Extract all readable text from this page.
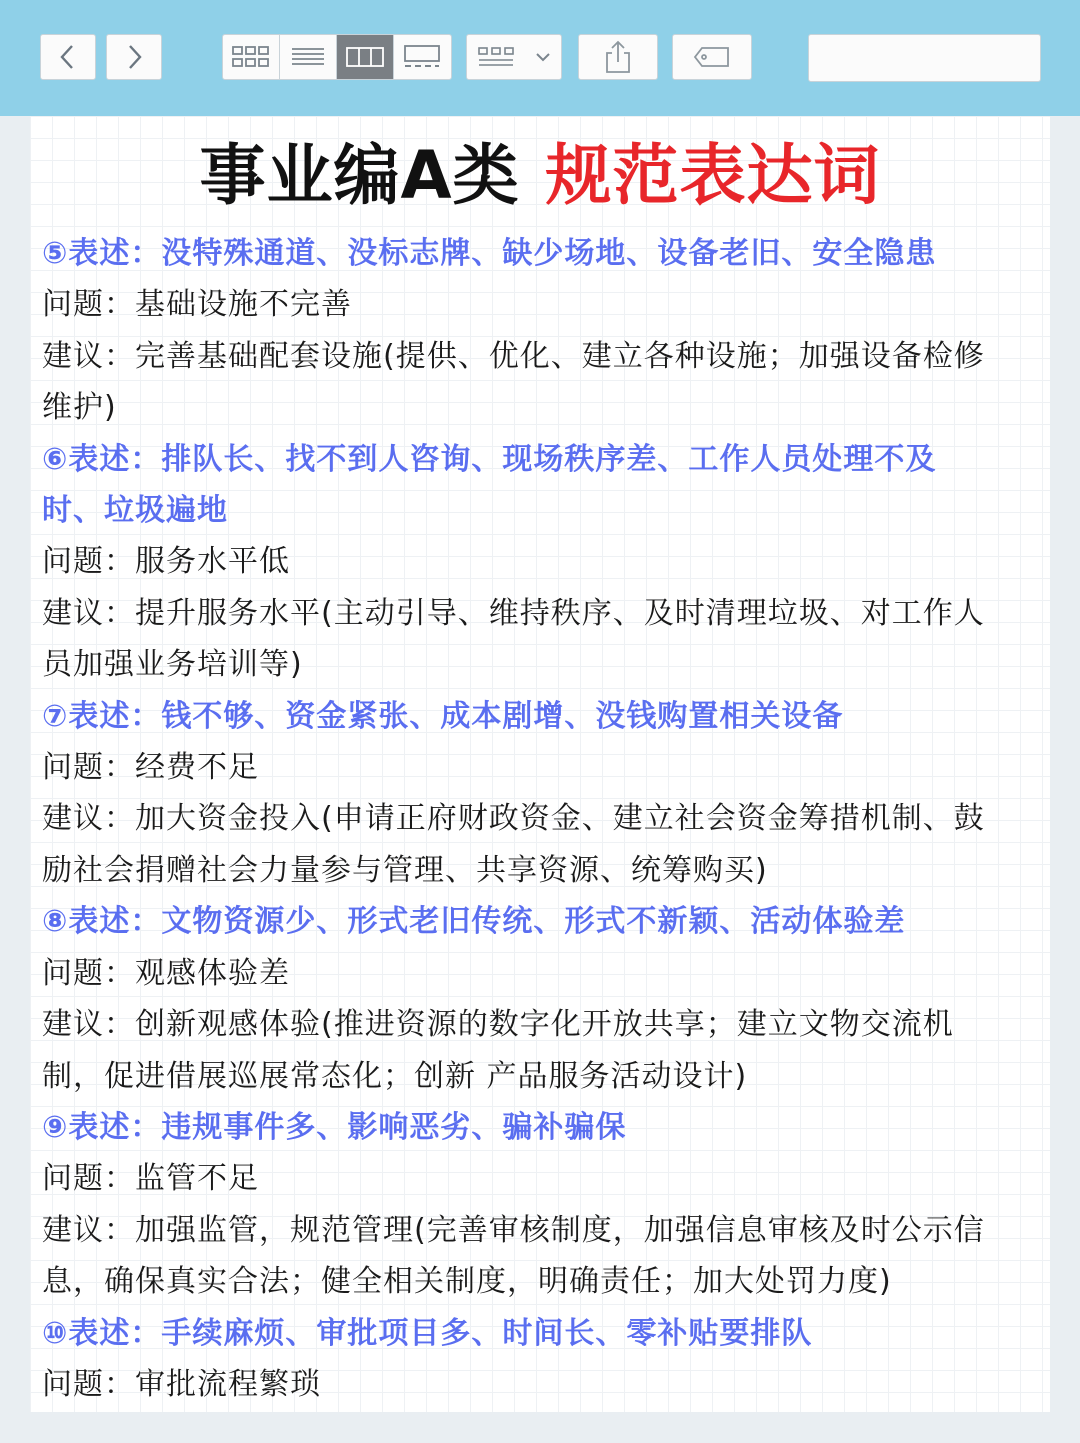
事业编A类 规范表达词
⑤表述：没特殊通道、没标志牌、缺少场地、设备老旧、安全隐患
问题：基础设施不完善
建议：完善基础配套设施(提供、优化、建立各种设施；加强设备检修
维护)
⑥表述：排队长、找不到人咨询、现场秩序差、工作人员处理不及
时、垃圾遍地
问题：服务水平低
建议：提升服务水平(主动引导、维持秩序、及时清理垃圾、对工作人
员加强业务培训等)
⑦表述：钱不够、资金紧张、成本剧增、没钱购置相关设备
问题：经费不足
建议：加大资金投入(申请正府财政资金、建立社会资金筹措机制、鼓
励社会捐赠社会力量参与管理、共享资源、统筹购买)
⑧表述：文物资源少、形式老旧传统、形式不新颖、活动体验差
问题：观感体验差
建议：创新观感体验(推进资源的数字化开放共享；建立文物交流机
制，促进借展巡展常态化；创新 产品服务活动设计)
⑨表述：违规事件多、影响恶劣、骗补骗保
问题：监管不足
建议：加强监管，规范管理(完善审核制度，加强信息审核及时公示信
息，确保真实合法；健全相关制度，明确责任；加大处罚力度)
⑩表述：手续麻烦、审批项目多、时间长、零补贴要排队
问题：审批流程繁琐
